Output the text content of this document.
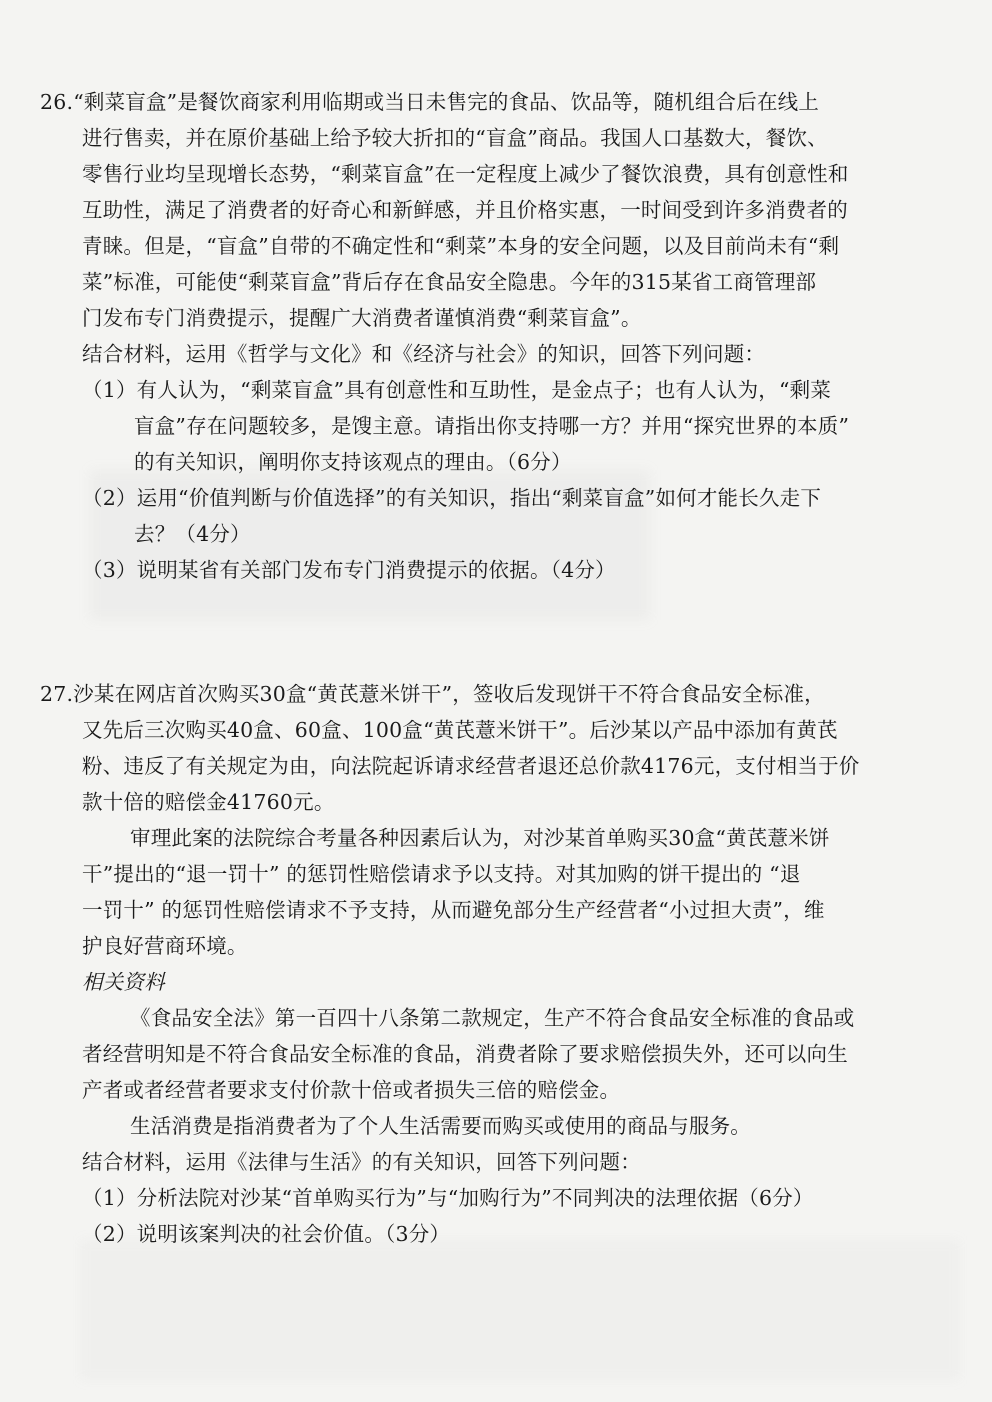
26.“剩菜盲盒”是餐饮商家利用临期或当日未售完的食品、饮品等，随机组合后在线上
进行售卖，并在原价基础上给予较大折扣的“盲盒”商品。我国人口基数大，餐饮、
零售行业均呈现增长态势，“剩菜盲盒”在一定程度上减少了餐饮浪费，具有创意性和
互助性，满足了消费者的好奇心和新鲜感，并且价格实惠，一时间受到许多消费者的
青睐。但是，“盲盒”自带的不确定性和“剩菜”本身的安全问题，以及目前尚未有“剩
菜”标准，可能使“剩菜盲盒”背后存在食品安全隐患。今年的315某省工商管理部
门发布专门消费提示，提醒广大消费者谨慎消费“剩菜盲盒”。
结合材料，运用《哲学与文化》和《经济与社会》的知识，回答下列问题：
（1）有人认为，“剩菜盲盒”具有创意性和互助性，是金点子；也有人认为，“剩菜
盲盒”存在问题较多，是馊主意。请指出你支持哪一方？并用“探究世界的本质”
的有关知识，阐明你支持该观点的理由。（6分）
（2）运用“价值判断与价值选择”的有关知识，指出“剩菜盲盒”如何才能长久走下
去？（4分）
（3）说明某省有关部门发布专门消费提示的依据。（4分）
27.沙某在网店首次购买30盒“黄芪薏米饼干”，签收后发现饼干不符合食品安全标准，
又先后三次购买40盒、60盒、100盒“黄芪薏米饼干”。后沙某以产品中添加有黄芪
粉、违反了有关规定为由，向法院起诉请求经营者退还总价款4176元，支付相当于价
款十倍的赔偿金41760元。
审理此案的法院综合考量各种因素后认为，对沙某首单购买30盒“黄芪薏米饼
干”提出的“退一罚十” 的惩罚性赔偿请求予以支持。对其加购的饼干提出的 “退
一罚十” 的惩罚性赔偿请求不予支持，从而避免部分生产经营者“小过担大责”，维
护良好营商环境。
相关资料
《食品安全法》第一百四十八条第二款规定，生产不符合食品安全标准的食品或
者经营明知是不符合食品安全标准的食品，消费者除了要求赔偿损失外，还可以向生
产者或者经营者要求支付价款十倍或者损失三倍的赔偿金。
生活消费是指消费者为了个人生活需要而购买或使用的商品与服务。
结合材料，运用《法律与生活》的有关知识，回答下列问题：
（1）分析法院对沙某“首单购买行为”与“加购行为”不同判决的法理依据（6分）
（2）说明该案判决的社会价值。（3分）
